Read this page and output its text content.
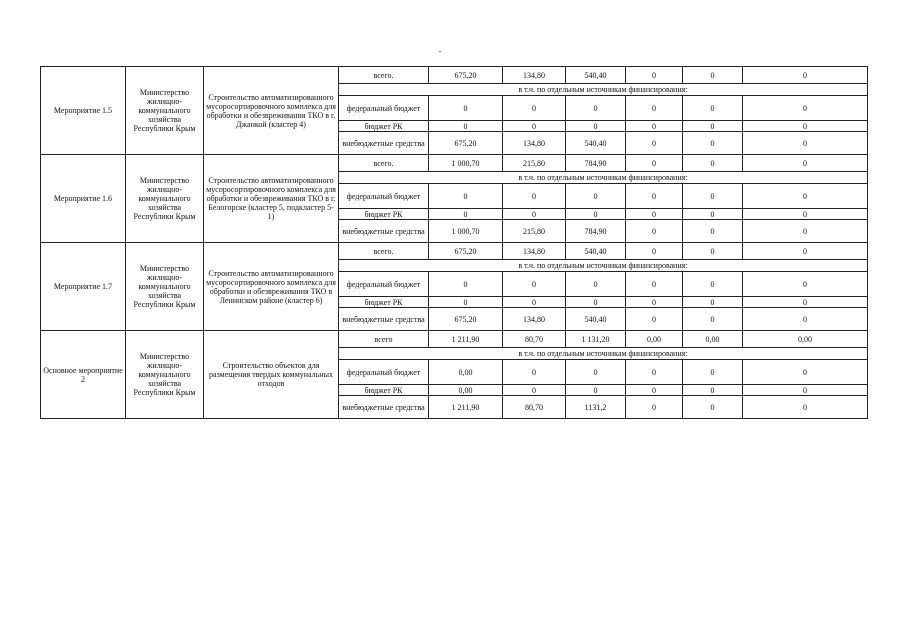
Мероприятие 1.5	Министерство жилищно-коммунального хозяйства Республики Крым	Строительство автоматизированного мусоросортировочного комплекса для обработки и обезвреживания ТКО в г. Джанкой (кластер 4)	всего.	675,20	134,80	540,40	0	0	0
			в т.ч. по отдельным источникам финансирования:						
			федеральный бюджет	0	0	0	0	0	0
			бюджет РК	0	0	0	0	0	0
			внебюджетные средства	675,20	134,80	540,40	0	0	0
Мероприятие 1.6	Министерство жилищно-коммунального хозяйства Республики Крым	Строительство автоматизированного мусоросортировочного комплекса для обработки и обезвреживания ТКО в г. Белогорске (кластер 5, подкластер 5-1)	всего.	1 000,70	215,80	784,90	0	0	0
			в т.ч. по отдельным источникам финансирования:						
			федеральный бюджет	0	0	0	0	0	0
			бюджет РК	0	0	0	0	0	0
			внебюджетные средства	1 000,70	215,80	784,90	0	0	0
Мероприятие 1.7	Министерство жилищно-коммунального хозяйства Республики Крым	Строительство автоматизированного мусоросортировочного комплекса для обработки и обезвреживания ТКО в Ленинском районе (кластер 6)	всего.	675,20	134,80	540,40	0	0	0
			в т.ч. по отдельным источникам финансирования:						
			федеральный бюджет	0	0	0	0	0	0
			бюджет РК	0	0	0	0	0	0
			внебюджетные средства	675,20	134,80	540,40	0	0	0
Основное мероприятие 2	Министерство жилищно-коммунального хозяйства Республики Крым	Строительство объектов для размещения твердых коммунальных отходов	всего	1 211,90	80,70	1 131,20	0,00	0,00	0,00
			в т.ч. по отдельным источникам финансирования:						
			федеральный бюджет	0,00	0	0	0	0	0
			бюджет РК	0,00	0	0	0	0	0
			внебюджетные средства	1 211,90	80,70	1131,2	0	0	0
